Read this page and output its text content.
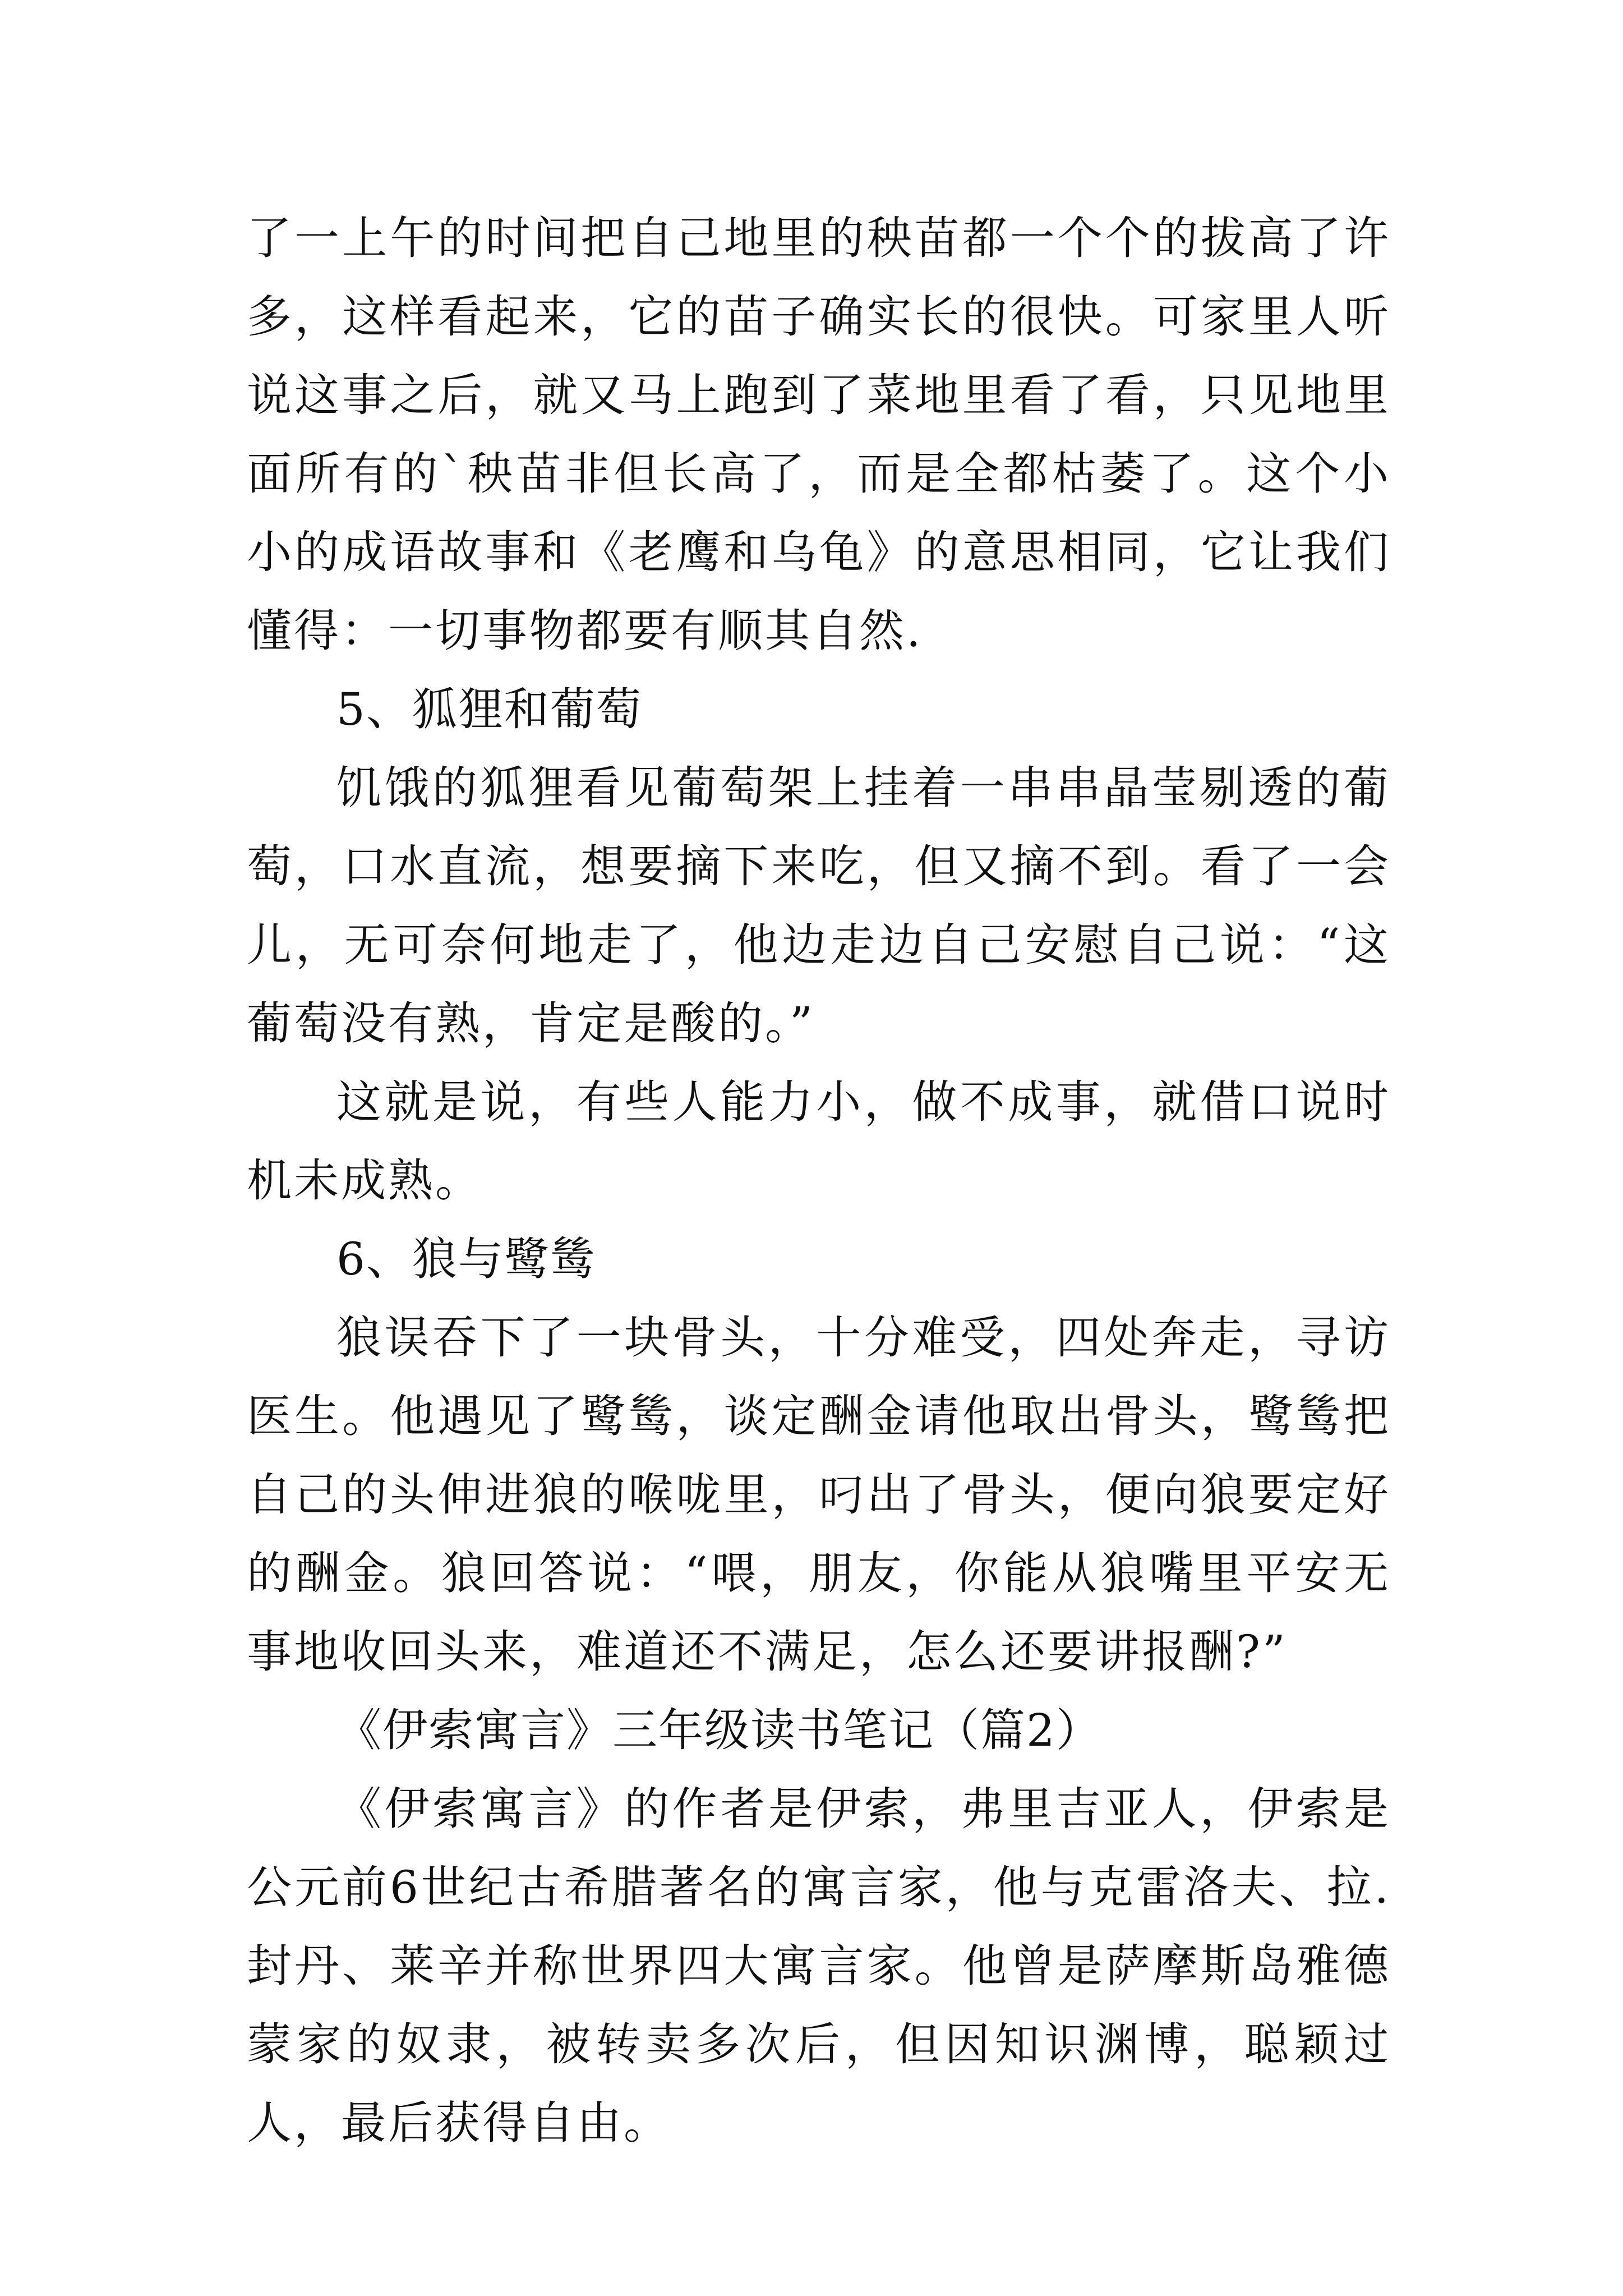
了一上午的时间把自己地里的秧苗都一个个的拔高了许多，这样看起来，它的苗子确实长的很快。可家里人听说这事之后，就又马上跑到了菜地里看了看，只见地里面所有的`秧苗非但长高了，而是全都枯萎了。这个小小的成语故事和《老鹰和乌龟》的意思相同，它让我们懂得：一切事物都要有顺其自然.

5、狐狸和葡萄

饥饿的狐狸看见葡萄架上挂着一串串晶莹剔透的葡萄，口水直流，想要摘下来吃，但又摘不到。看了一会儿，无可奈何地走了，他边走边自己安慰自己说：“这葡萄没有熟，肯定是酸的。”

这就是说，有些人能力小，做不成事，就借口说时机未成熟。

6、狼与鹭鸶

狼误吞下了一块骨头，十分难受，四处奔走，寻访医生。他遇见了鹭鸶，谈定酬金请他取出骨头，鹭鸶把自己的头伸进狼的喉咙里，叼出了骨头，便向狼要定好的酬金。狼回答说：“喂，朋友，你能从狼嘴里平安无事地收回头来，难道还不满足，怎么还要讲报酬?”

《伊索寓言》三年级读书笔记（篇2）

《伊索寓言》的作者是伊索，弗里吉亚人，伊索是公元前6世纪古希腊著名的寓言家，他与克雷洛夫、拉.封丹、莱辛并称世界四大寓言家。他曾是萨摩斯岛雅德蒙家的奴隶，被转卖多次后，但因知识渊博，聪颖过人，最后获得自由。
